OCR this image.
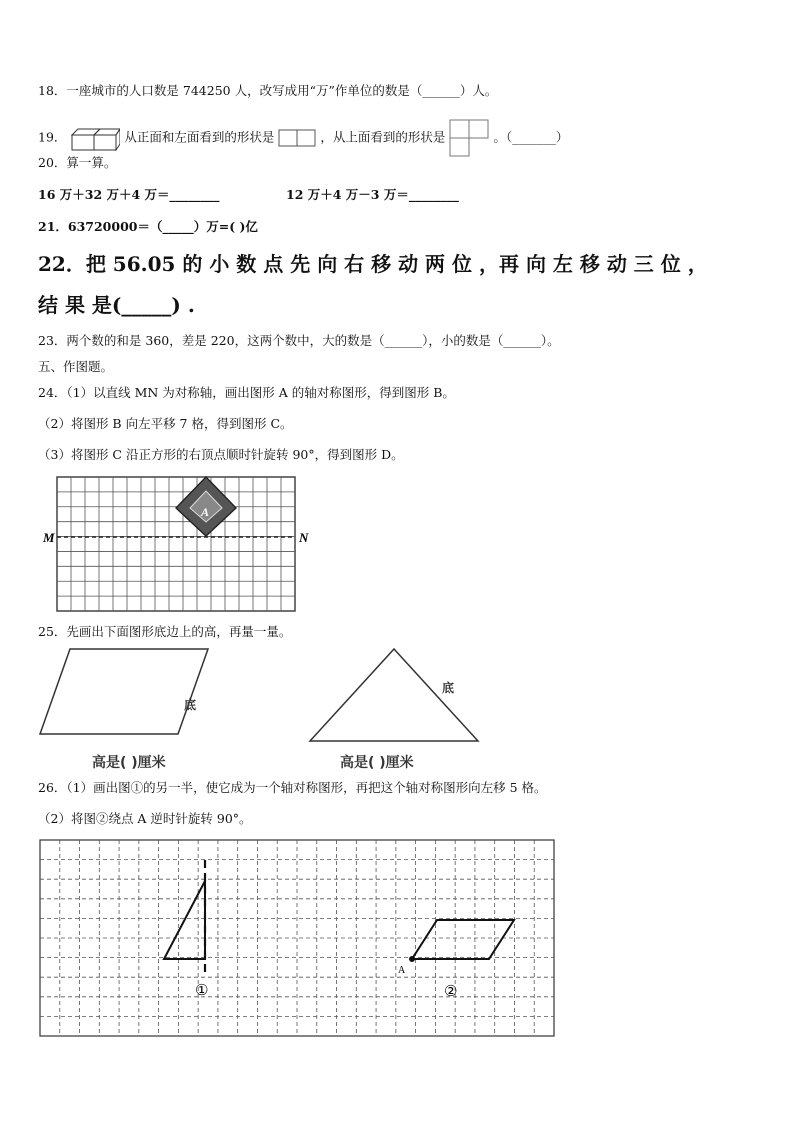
18．一座城市的人口数是 744250 人，改写成用“万”作单位的数是（______）人。
19．	从正面和左面看到的形状是	，从上面看到的形状是	。（_______）
20．算一算。
16 万＋32 万＋4 万＝________	12 万＋4 万－3 万＝________
21．63720000＝（_____）万=( )亿
22．把 56.05 的 小 数 点 先 向 右 移 动 两 位 ，再 向 左 移 动 三 位 ，
结 果 是(_____) .
23．两个数的和是 360，差是 220，这两个数中，大的数是（______），小的数是（______）。
五、作图题。
24．（1）以直线 MN 为对称轴，画出图形 A 的轴对称图形，得到图形 B。
（2）将图形 B 向左平移 7 格，得到图形 C。
（3）将图形 C 沿正方形的右顶点顺时针旋转 90°，得到图形 D。
M	N
A
25．先画出下面图形底边上的高，再量一量。
底
底
高是( )厘米	高是( )厘米
26．（1）画出图①的另一半，使它成为一个轴对称图形，再把这个轴对称图形向左移 5 格。
（2）将图②绕点 A 逆时针旋转 90°。
①
A
②
